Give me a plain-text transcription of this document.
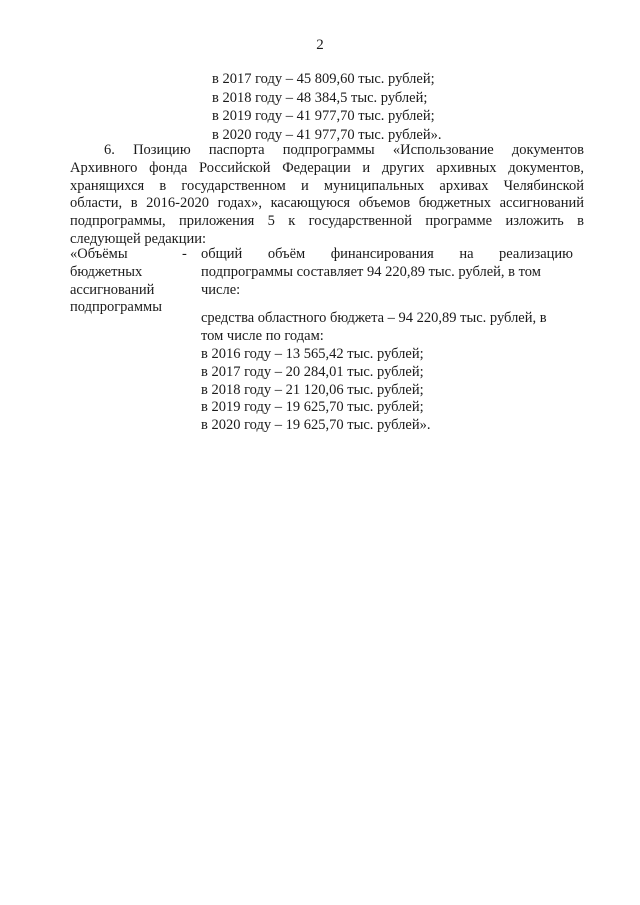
2
в 2017 году – 45 809,60 тыс. рублей;
в 2018 году – 48 384,5 тыс. рублей;
в 2019 году – 41 977,70 тыс. рублей;
в 2020 году – 41 977,70 тыс. рублей».
6. Позицию паспорта подпрограммы «Использование документов
Архивного фонда Российской Федерации и других архивных документов,
хранящихся в государственном и муниципальных архивах Челябинской
области, в 2016-2020 годах», касающуюся объемов бюджетных ассигнований
подпрограммы, приложения 5 к государственной программе изложить в
следующей редакции:
«Объёмы
бюджетных
ассигнований
подпрограммы
- общий объём финансирования на реализацию
подпрограммы составляет 94 220,89 тыс. рублей, в том
числе:
средства областного бюджета – 94 220,89 тыс. рублей, в
том числе по годам:
в 2016 году – 13 565,42 тыс. рублей;
в 2017 году – 20 284,01 тыс. рублей;
в 2018 году – 21 120,06 тыс. рублей;
в 2019 году – 19 625,70 тыс. рублей;
в 2020 году – 19 625,70 тыс. рублей».
